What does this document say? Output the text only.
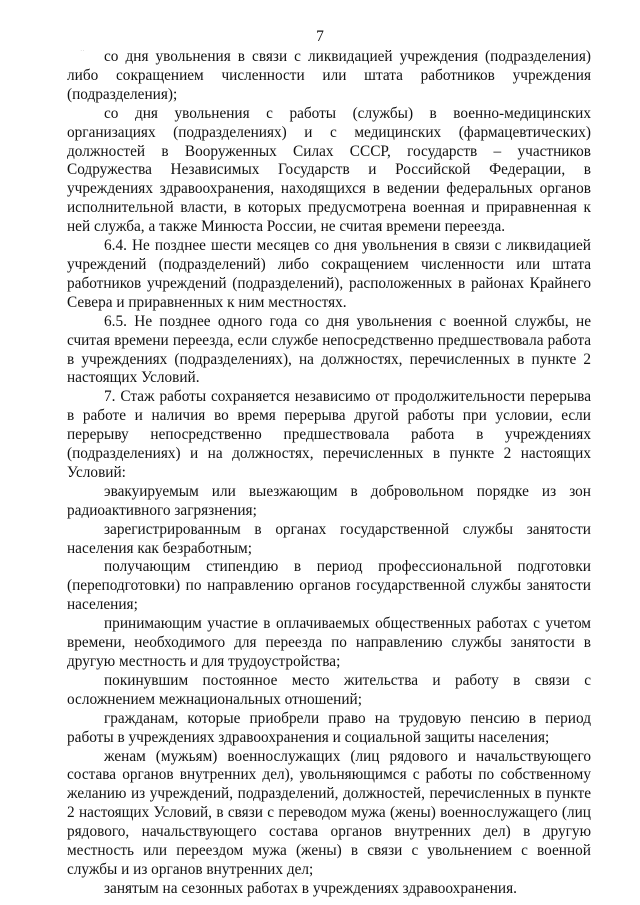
7
˙˙	со дня увольнения в связи с ликвидацией учреждения (подразделения) либо сокращением численности или штата работников учреждения (подразделения);

со дня увольнения с работы (службы) в военно-медицинских организациях (подразделениях) и с медицинских (фармацевтических) должностей в Вооруженных Силах СССР, государств – участников Содружества Независимых Государств и Российской Федерации, в учреждениях здравоохранения, находящихся в ведении федеральных органов исполнительной власти, в которых предусмотрена военная и приравненная к ней служба, а также Минюста России, не считая времени переезда.

6.4. Не позднее шести месяцев со дня увольнения в связи с ликвидацией учреждений (подразделений) либо сокращением численности или штата работников учреждений (подразделений), расположенных в районах Крайнего Севера и приравненных к ним местностях.

6.5. Не позднее одного года со дня увольнения с военной службы, не считая времени переезда, если службе непосредственно предшествовала работа в учреждениях (подразделениях), на должностях, перечисленных в пункте 2 настоящих Условий.

7. Стаж работы сохраняется независимо от продолжительности перерыва в работе и наличия во время перерыва другой работы при условии, если перерыву непосредственно предшествовала работа в учреждениях (подразделениях) и на должностях, перечисленных в пункте 2 настоящих Условий:

эвакуируемым или выезжающим в добровольном порядке из зон радиоактивного загрязнения;

зарегистрированным в органах государственной службы занятости населения как безработным;

получающим стипендию в период профессиональной подготовки (переподготовки) по направлению органов государственной службы занятости населения;

принимающим участие в оплачиваемых общественных работах с учетом времени, необходимого для переезда по направлению службы занятости в другую местность и для трудоустройства;

покинувшим постоянное место жительства и работу в связи с осложнением межнациональных отношений;

гражданам, которые приобрели право на трудовую пенсию в период работы в учреждениях здравоохранения и социальной защиты населения;

женам (мужьям) военнослужащих (лиц рядового и начальствующего состава органов внутренних дел), увольняющимся с работы по собственному желанию из учреждений, подразделений, должностей, перечисленных в пункте 2 настоящих Условий, в связи с переводом мужа (жены) военнослужащего (лиц рядового, начальствующего состава органов внутренних дел) в другую местность или переездом мужа (жены) в связи с увольнением с военной службы и из органов внутренних дел;

занятым на сезонных работах в учреждениях здравоохранения.
